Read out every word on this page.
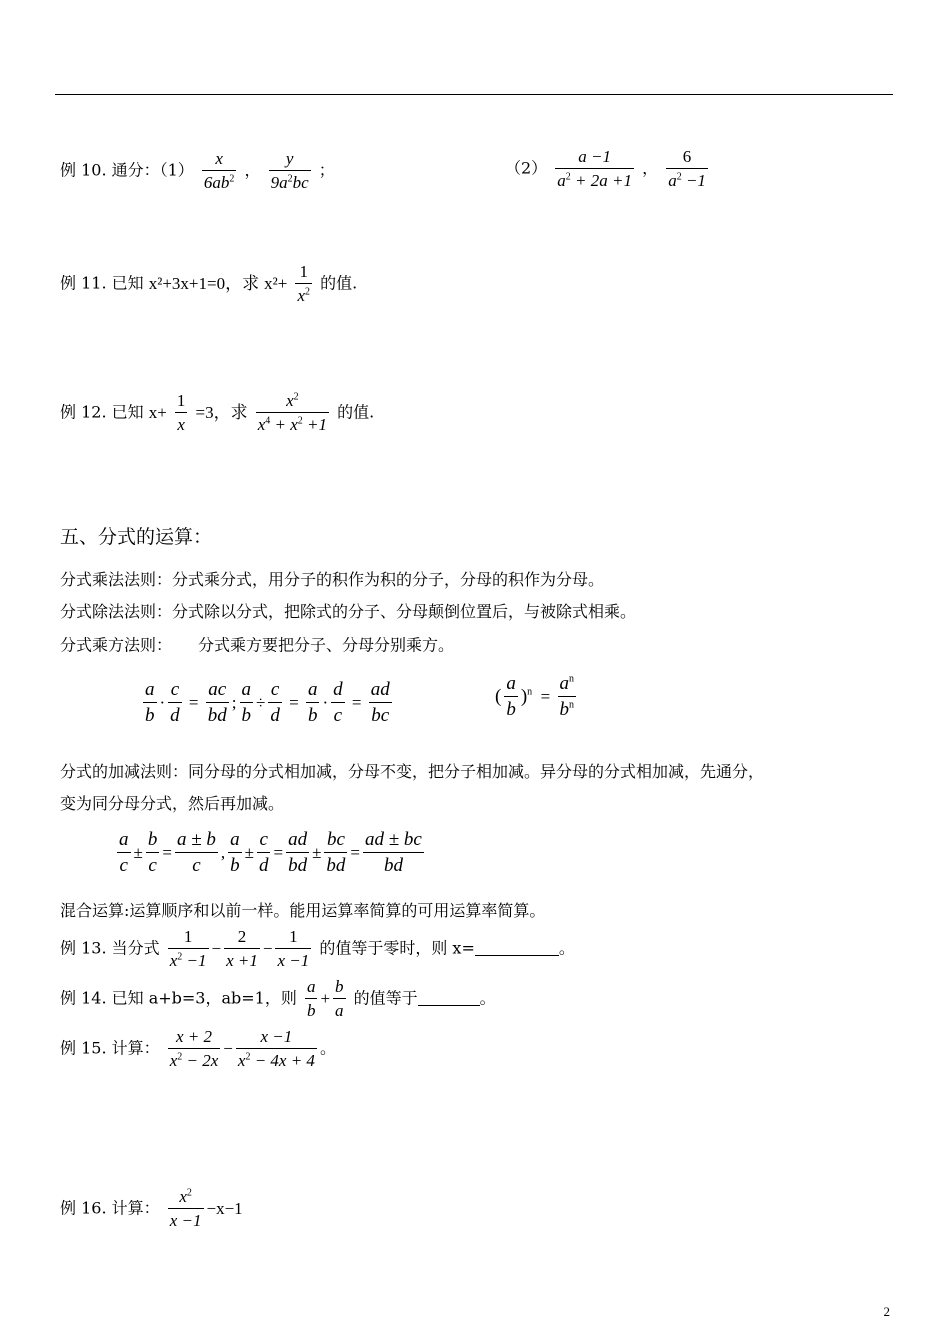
例 10. 通分：$(1) \frac{x}{6ab^2}$ ， $\frac{y}{9a^2bc}$ ；	$(2) \frac{a -1}{a^2 + 2a +1}$ ， $\frac{6}{a^2 -1}$
例 11. 已知 x²+3x+1=0，求 $x^2+ \frac{1}{x^2}$ 的值.
例 12. 已知 $x+ \frac{1}{x} =3$，求 $\frac{x^2}{x^4 + x^2 +1}$ 的值.
五、分式的运算：
分式乘法法则：分式乘分式，用分子的积作为积的分子，分母的积作为分母。
分式除法法则：分式除以分式，把除式的分子、分母颠倒位置后，与被除式相乘。
分式乘方法则： 分式乘方要把分子、分母分别乘方。
$\frac{a}{b} \cdot \frac{c}{d} = \frac{ac}{bd}$ ; $\frac{a}{b} \div \frac{c}{d} = \frac{a}{b} \cdot \frac{d}{c} = \frac{ad}{bc}$	( $\frac{a}{b} )^n = \frac{a^n}{b^n}$
分式的加减法则：同分母的分式相加减，分母不变，把分子相加减。异分母的分式相加减，先通分，
变为同分母分式，然后再加减。
$\frac{a}{c} \pm \frac{b}{c} = \frac{a \pm b}{c}$ , $\frac{a}{b} \pm \frac{c}{d} = \frac{ad}{bd} \pm \frac{bc}{bd} = \frac{ad \pm bc}{bd}$
混合运算:运算顺序和以前一样。能用运算率简算的可用运算率简算。
例 13. 当分式 $\frac{1}{x^2 -1} - \frac{2}{x +1} - \frac{1}{x -1}$ 的值等于零时，则 x=	。
例 14. 已知 a+b=3，ab=1，则 $\frac{a}{b} + \frac{b}{a}$ 的值等于	。
例 15. 计算： $\frac{x + 2}{x^2 - 2x} - \frac{x -1}{x^2 - 4x + 4}$ 。
例 16. 计算： $\frac{x^2}{x -1} -x-1$
2
